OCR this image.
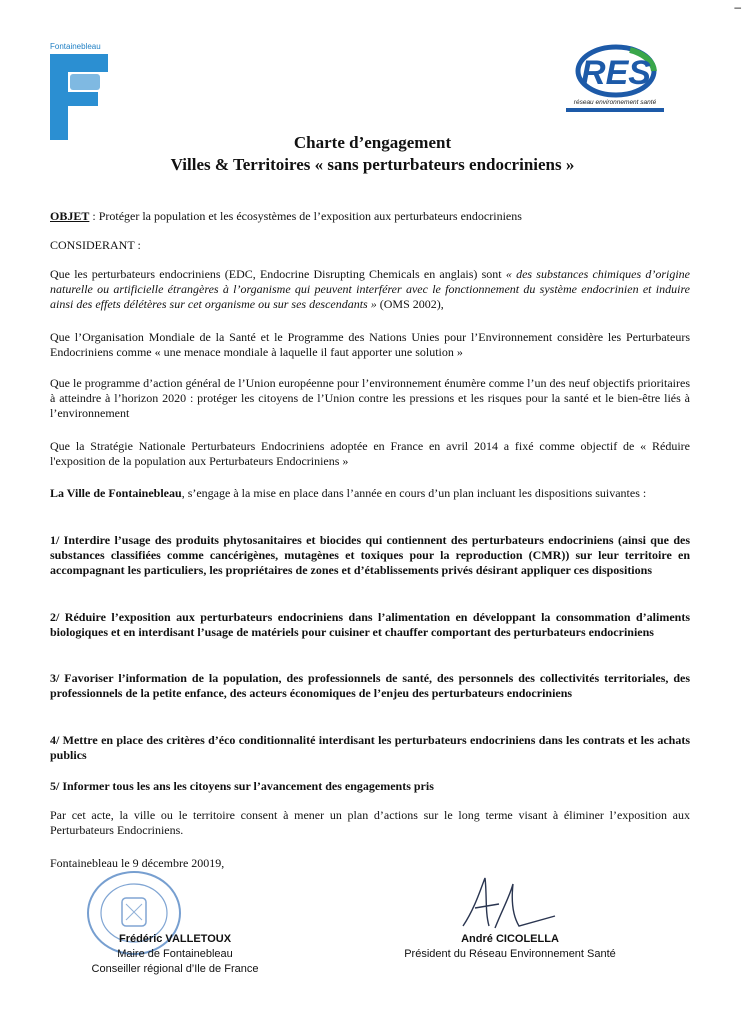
–
Fontainebleau
RES
réseau environnement santé
Charte d’engagement
Villes & Territoires « sans perturbateurs endocriniens »
OBJET : Protéger la population et les écosystèmes de l’exposition aux perturbateurs endocriniens
CONSIDERANT :
Que les perturbateurs endocriniens (EDC, Endocrine Disrupting Chemicals en anglais) sont « des substances chimiques d’origine naturelle ou artificielle étrangères à l’organisme qui peuvent interférer avec le fonctionnement du système endocrinien et induire ainsi des effets délétères sur cet organisme ou sur ses descendants » (OMS 2002),
Que l’Organisation Mondiale de la Santé et le Programme des Nations Unies pour l’Environnement considère les Perturbateurs Endocriniens comme « une menace mondiale à laquelle il faut apporter une solution »
Que le programme d’action général de l’Union européenne pour l’environnement énumère comme l’un des neuf objectifs prioritaires à atteindre à l’horizon 2020 : protéger les citoyens de l’Union contre les pressions et les risques pour la santé et le bien-être liés à l’environnement
Que la Stratégie Nationale Perturbateurs Endocriniens adoptée en France en avril 2014 a fixé comme objectif de « Réduire l'exposition de la population aux Perturbateurs Endocriniens »
La Ville de Fontainebleau, s’engage à la mise en place dans l’année en cours d’un plan incluant les dispositions suivantes :
1/ Interdire l’usage des produits phytosanitaires et biocides qui contiennent des perturbateurs endocriniens (ainsi que des substances classifiées comme cancérigènes, mutagènes et toxiques pour la reproduction (CMR)) sur leur territoire en accompagnant les particuliers, les propriétaires de zones et d’établissements privés désirant appliquer ces dispositions
2/ Réduire l’exposition aux perturbateurs endocriniens dans l’alimentation en développant la consommation d’aliments biologiques et en interdisant l’usage de matériels pour cuisiner et chauffer comportant des perturbateurs endocriniens
3/ Favoriser l’information de la population, des professionnels de santé, des personnels des collectivités territoriales, des professionnels de la petite enfance, des acteurs économiques de l’enjeu des perturbateurs endocriniens
4/ Mettre en place des critères d’éco conditionnalité interdisant les perturbateurs endocriniens dans les contrats et les achats publics
5/ Informer tous les ans les citoyens sur l’avancement des engagements pris
Par cet acte, la ville ou le territoire consent à mener un plan d’actions sur le long terme visant à éliminer l’exposition aux Perturbateurs Endocriniens.
Fontainebleau le 9 décembre 20019,
Frédéric VALLETOUX
Maire de Fontainebleau
Conseiller régional d’Ile de France
André CICOLELLA
Président du Réseau Environnement Santé
